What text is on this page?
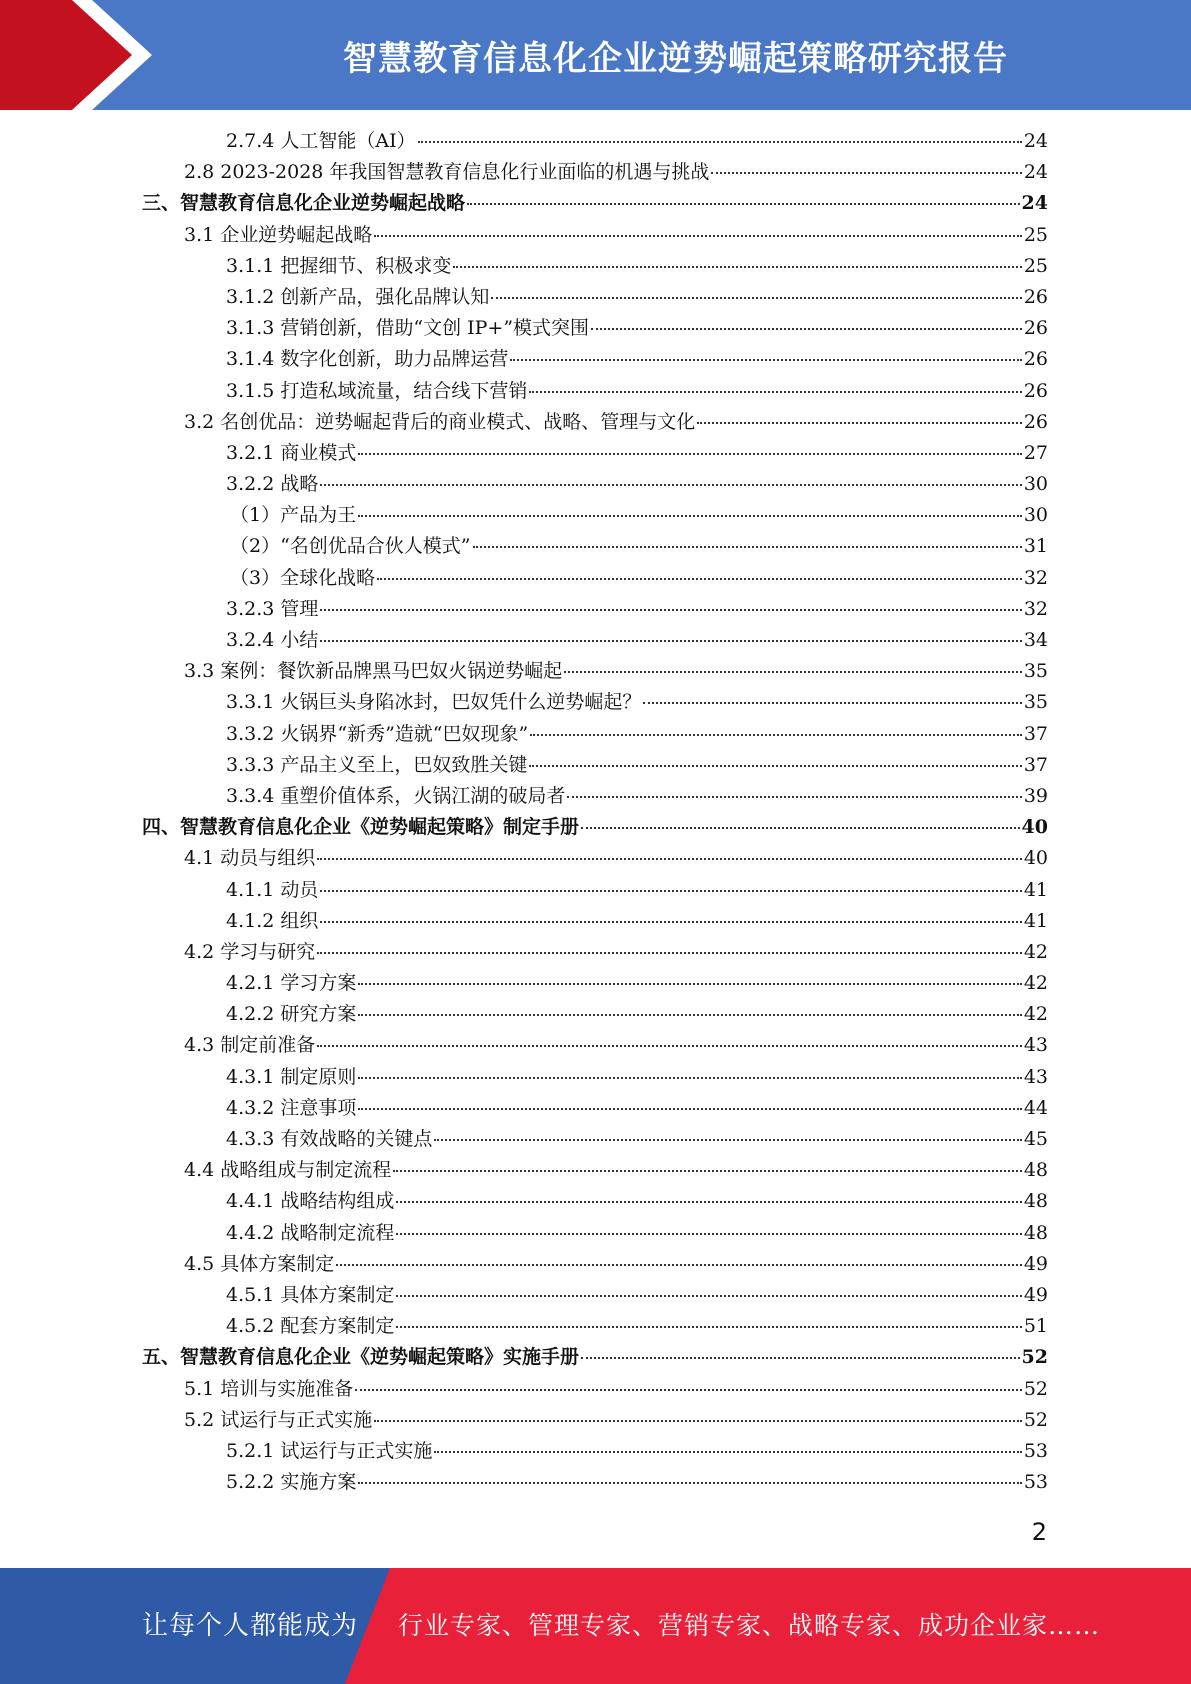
智慧教育信息化企业逆势崛起策略研究报告
2.7.4 人工智能（AI）	24
2.8 2023-2028 年我国智慧教育信息化行业面临的机遇与挑战	24
三、智慧教育信息化企业逆势崛起战略	24
3.1 企业逆势崛起战略	25
3.1.1 把握细节、积极求变	25
3.1.2 创新产品，强化品牌认知	26
3.1.3 营销创新，借助“文创 IP+”模式突围	26
3.1.4 数字化创新，助力品牌运营	26
3.1.5 打造私域流量，结合线下营销	26
3.2 名创优品：逆势崛起背后的商业模式、战略、管理与文化	26
3.2.1 商业模式	27
3.2.2 战略	30
（1）产品为王	30
（2）“名创优品合伙人模式”	31
（3）全球化战略	32
3.2.3 管理	32
3.2.4 小结	34
3.3 案例：餐饮新品牌黑马巴奴火锅逆势崛起	35
3.3.1 火锅巨头身陷冰封，巴奴凭什么逆势崛起？	35
3.3.2 火锅界“新秀”造就“巴奴现象”	37
3.3.3 产品主义至上，巴奴致胜关键	37
3.3.4 重塑价值体系，火锅江湖的破局者	39
四、智慧教育信息化企业《逆势崛起策略》制定手册	40
4.1 动员与组织	40
4.1.1 动员	41
4.1.2 组织	41
4.2 学习与研究	42
4.2.1 学习方案	42
4.2.2 研究方案	42
4.3 制定前准备	43
4.3.1 制定原则	43
4.3.2 注意事项	44
4.3.3 有效战略的关键点	45
4.4 战略组成与制定流程	48
4.4.1 战略结构组成	48
4.4.2 战略制定流程	48
4.5 具体方案制定	49
4.5.1 具体方案制定	49
4.5.2 配套方案制定	51
五、智慧教育信息化企业《逆势崛起策略》实施手册	52
5.1 培训与实施准备	52
5.2 试运行与正式实施	52
5.2.1 试运行与正式实施	53
5.2.2 实施方案	53
2
让每个人都能成为 行业专家、管理专家、营销专家、战略专家、成功企业家……
